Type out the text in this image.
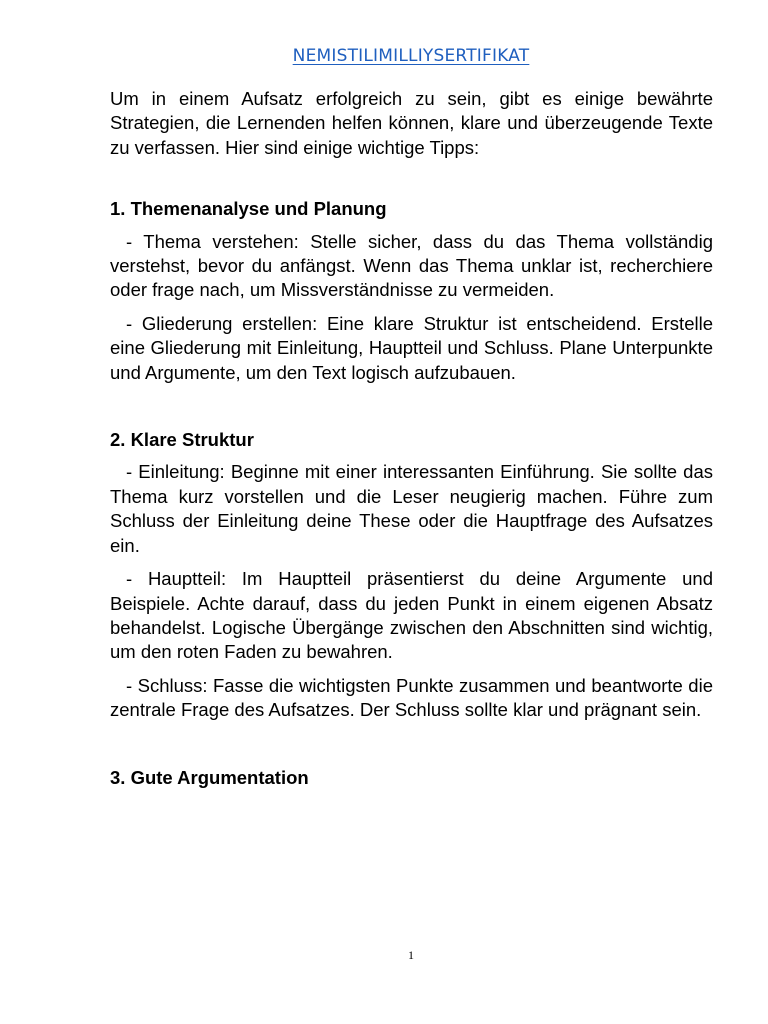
NEMISTILIMILLIYSERTIFIKAT

Um in einem Aufsatz erfolgreich zu sein, gibt es einige bewährte Strategien, die Lernenden helfen können, klare und überzeugende Texte zu verfassen. Hier sind einige wichtige Tipps:

1. Themenanalyse und Planung

- Thema verstehen: Stelle sicher, dass du das Thema vollständig verstehst, bevor du anfängst. Wenn das Thema unklar ist, recherchiere oder frage nach, um Missverständnisse zu vermeiden.

- Gliederung erstellen: Eine klare Struktur ist entscheidend. Erstelle eine Gliederung mit Einleitung, Hauptteil und Schluss. Plane Unterpunkte und Argumente, um den Text logisch aufzubauen.

2. Klare Struktur

- Einleitung: Beginne mit einer interessanten Einführung. Sie sollte das Thema kurz vorstellen und die Leser neugierig machen. Führe zum Schluss der Einleitung deine These oder die Hauptfrage des Aufsatzes ein.

- Hauptteil: Im Hauptteil präsentierst du deine Argumente und Beispiele. Achte darauf, dass du jeden Punkt in einem eigenen Absatz behandelst. Logische Übergänge zwischen den Abschnitten sind wichtig, um den roten Faden zu bewahren.

- Schluss: Fasse die wichtigsten Punkte zusammen und beantworte die zentrale Frage des Aufsatzes. Der Schluss sollte klar und prägnant sein.

3. Gute Argumentation

1
